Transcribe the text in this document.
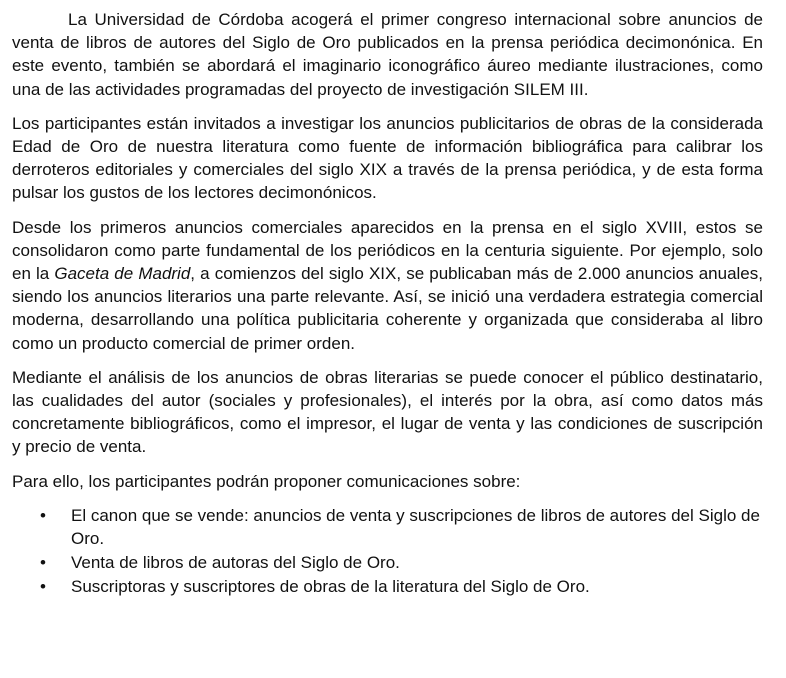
La Universidad de Córdoba acogerá el primer congreso internacional sobre anuncios de venta de libros de autores del Siglo de Oro publicados en la prensa periódica decimonónica. En este evento, también se abordará el imaginario iconográfico áureo mediante ilustraciones, como una de las actividades programadas del proyecto de investigación SILEM III.

Los participantes están invitados a investigar los anuncios publicitarios de obras de la considerada Edad de Oro de nuestra literatura como fuente de información bibliográfica para calibrar los derroteros editoriales y comerciales del siglo XIX a través de la prensa periódica, y de esta forma pulsar los gustos de los lectores decimonónicos.

Desde los primeros anuncios comerciales aparecidos en la prensa en el siglo XVIII, estos se consolidaron como parte fundamental de los periódicos en la centuria siguiente. Por ejemplo, solo en la Gaceta de Madrid, a comienzos del siglo XIX, se publicaban más de 2.000 anuncios anuales, siendo los anuncios literarios una parte relevante. Así, se inició una verdadera estrategia comercial moderna, desarrollando una política publicitaria coherente y organizada que consideraba al libro como un producto comercial de primer orden.

Mediante el análisis de los anuncios de obras literarias se puede conocer el público destinatario, las cualidades del autor (sociales y profesionales), el interés por la obra, así como datos más concretamente bibliográficos, como el impresor, el lugar de venta y las condiciones de suscripción y precio de venta.

Para ello, los participantes podrán proponer comunicaciones sobre:

• El canon que se vende: anuncios de venta y suscripciones de libros de autores del Siglo de Oro.
• Venta de libros de autoras del Siglo de Oro.
• Suscriptoras y suscriptores de obras de la literatura del Siglo de Oro.
